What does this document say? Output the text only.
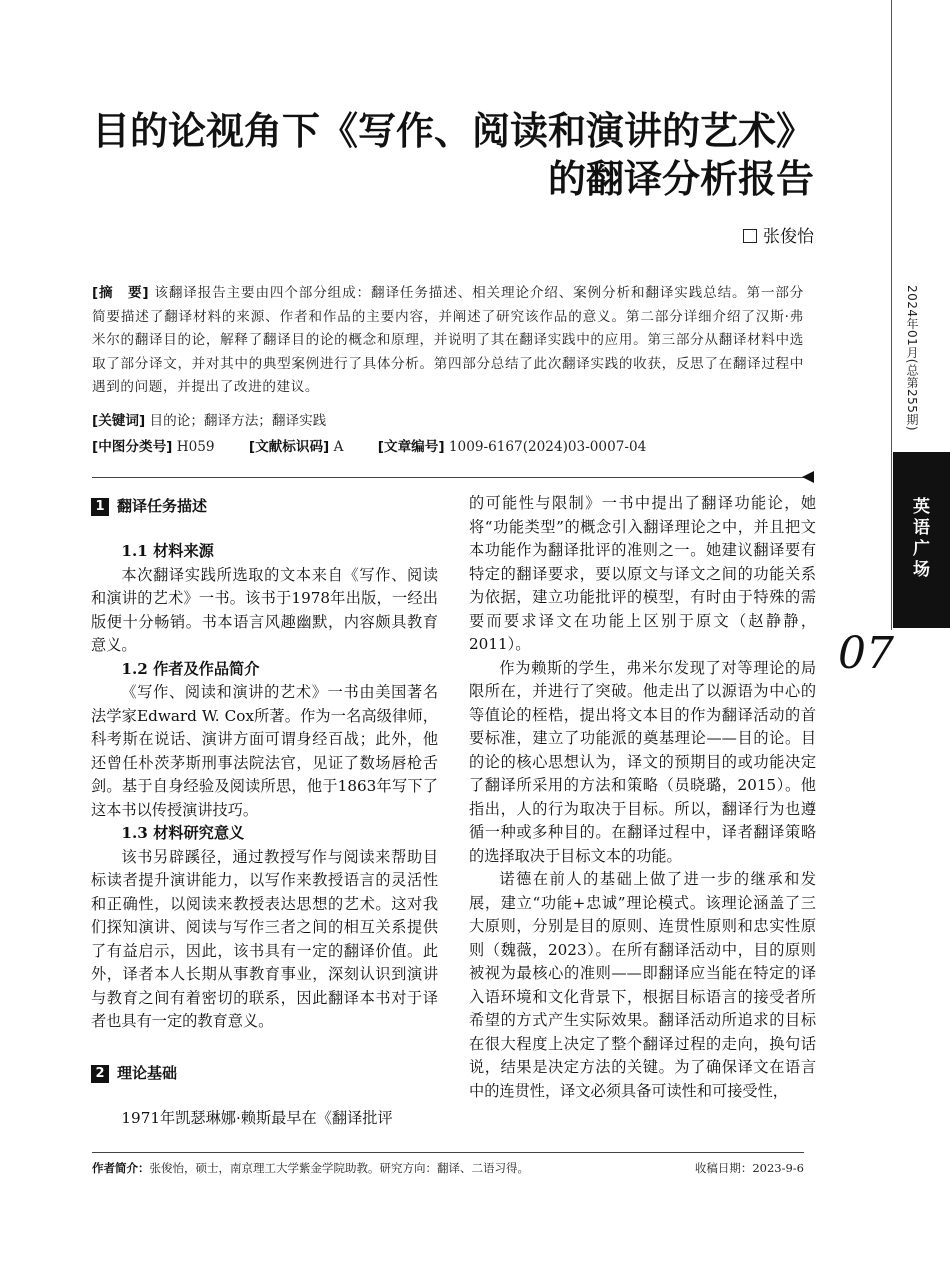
2024年01月(总第255期)
英语广场
07
目的论视角下《写作、阅读和演讲的艺术》
的翻译分析报告
张俊怡
[摘　要] 该翻译报告主要由四个部分组成：翻译任务描述、相关理论介绍、案例分析和翻译实践总结。第一部分简要描述了翻译材料的来源、作者和作品的主要内容，并阐述了研究该作品的意义。第二部分详细介绍了汉斯·弗米尔的翻译目的论，解释了翻译目的论的概念和原理，并说明了其在翻译实践中的应用。第三部分从翻译材料中选取了部分译文，并对其中的典型案例进行了具体分析。第四部分总结了此次翻译实践的收获，反思了在翻译过程中遇到的问题，并提出了改进的建议。
[关键词] 目的论；翻译方法；翻译实践
[中图分类号] H059	[文献标识码] A	[文章编号] 1009-6167(2024)03-0007-04
1 翻译任务描述

1.1 材料来源

本次翻译实践所选取的文本来自《写作、阅读和演讲的艺术》一书。该书于1978年出版，一经出版便十分畅销。书本语言风趣幽默，内容颇具教育意义。

1.2 作者及作品简介

《写作、阅读和演讲的艺术》一书由美国著名法学家Edward W. Cox所著。作为一名高级律师，科考斯在说话、演讲方面可谓身经百战；此外，他还曾任朴茨茅斯刑事法院法官，见证了数场唇枪舌剑。基于自身经验及阅读所思，他于1863年写下了这本书以传授演讲技巧。

1.3 材料研究意义

该书另辟蹊径，通过教授写作与阅读来帮助目标读者提升演讲能力，以写作来教授语言的灵活性和正确性，以阅读来教授表达思想的艺术。这对我们探知演讲、阅读与写作三者之间的相互关系提供了有益启示，因此，该书具有一定的翻译价值。此外，译者本人长期从事教育事业，深刻认识到演讲与教育之间有着密切的联系，因此翻译本书对于译者也具有一定的教育意义。

2 理论基础

1971年凯瑟琳娜·赖斯最早在《翻译批评

的可能性与限制》一书中提出了翻译功能论，她将“功能类型”的概念引入翻译理论之中，并且把文本功能作为翻译批评的准则之一。她建议翻译要有特定的翻译要求，要以原文与译文之间的功能关系为依据，建立功能批评的模型，有时由于特殊的需要而要求译文在功能上区别于原文（赵静静，2011）。

作为赖斯的学生，弗米尔发现了对等理论的局限所在，并进行了突破。他走出了以源语为中心的等值论的桎梏，提出将文本目的作为翻译活动的首要标准，建立了功能派的奠基理论——目的论。目的论的核心思想认为，译文的预期目的或功能决定了翻译所采用的方法和策略（员晓璐，2015）。他指出，人的行为取决于目标。所以，翻译行为也遵循一种或多种目的。在翻译过程中，译者翻译策略的选择取决于目标文本的功能。

诺德在前人的基础上做了进一步的继承和发展，建立“功能+忠诚”理论模式。该理论涵盖了三大原则，分别是目的原则、连贯性原则和忠实性原则（魏薇，2023）。在所有翻译活动中，目的原则被视为最核心的准则——即翻译应当能在特定的译入语环境和文化背景下，根据目标语言的接受者所希望的方式产生实际效果。翻译活动所追求的目标在很大程度上决定了整个翻译过程的走向，换句话说，结果是决定方法的关键。为了确保译文在语言中的连贯性，译文必须具备可读性和可接受性，

作者简介：张俊怡，硕士，南京理工大学紫金学院助教。研究方向：翻译、二语习得。	收稿日期：2023-9-6
